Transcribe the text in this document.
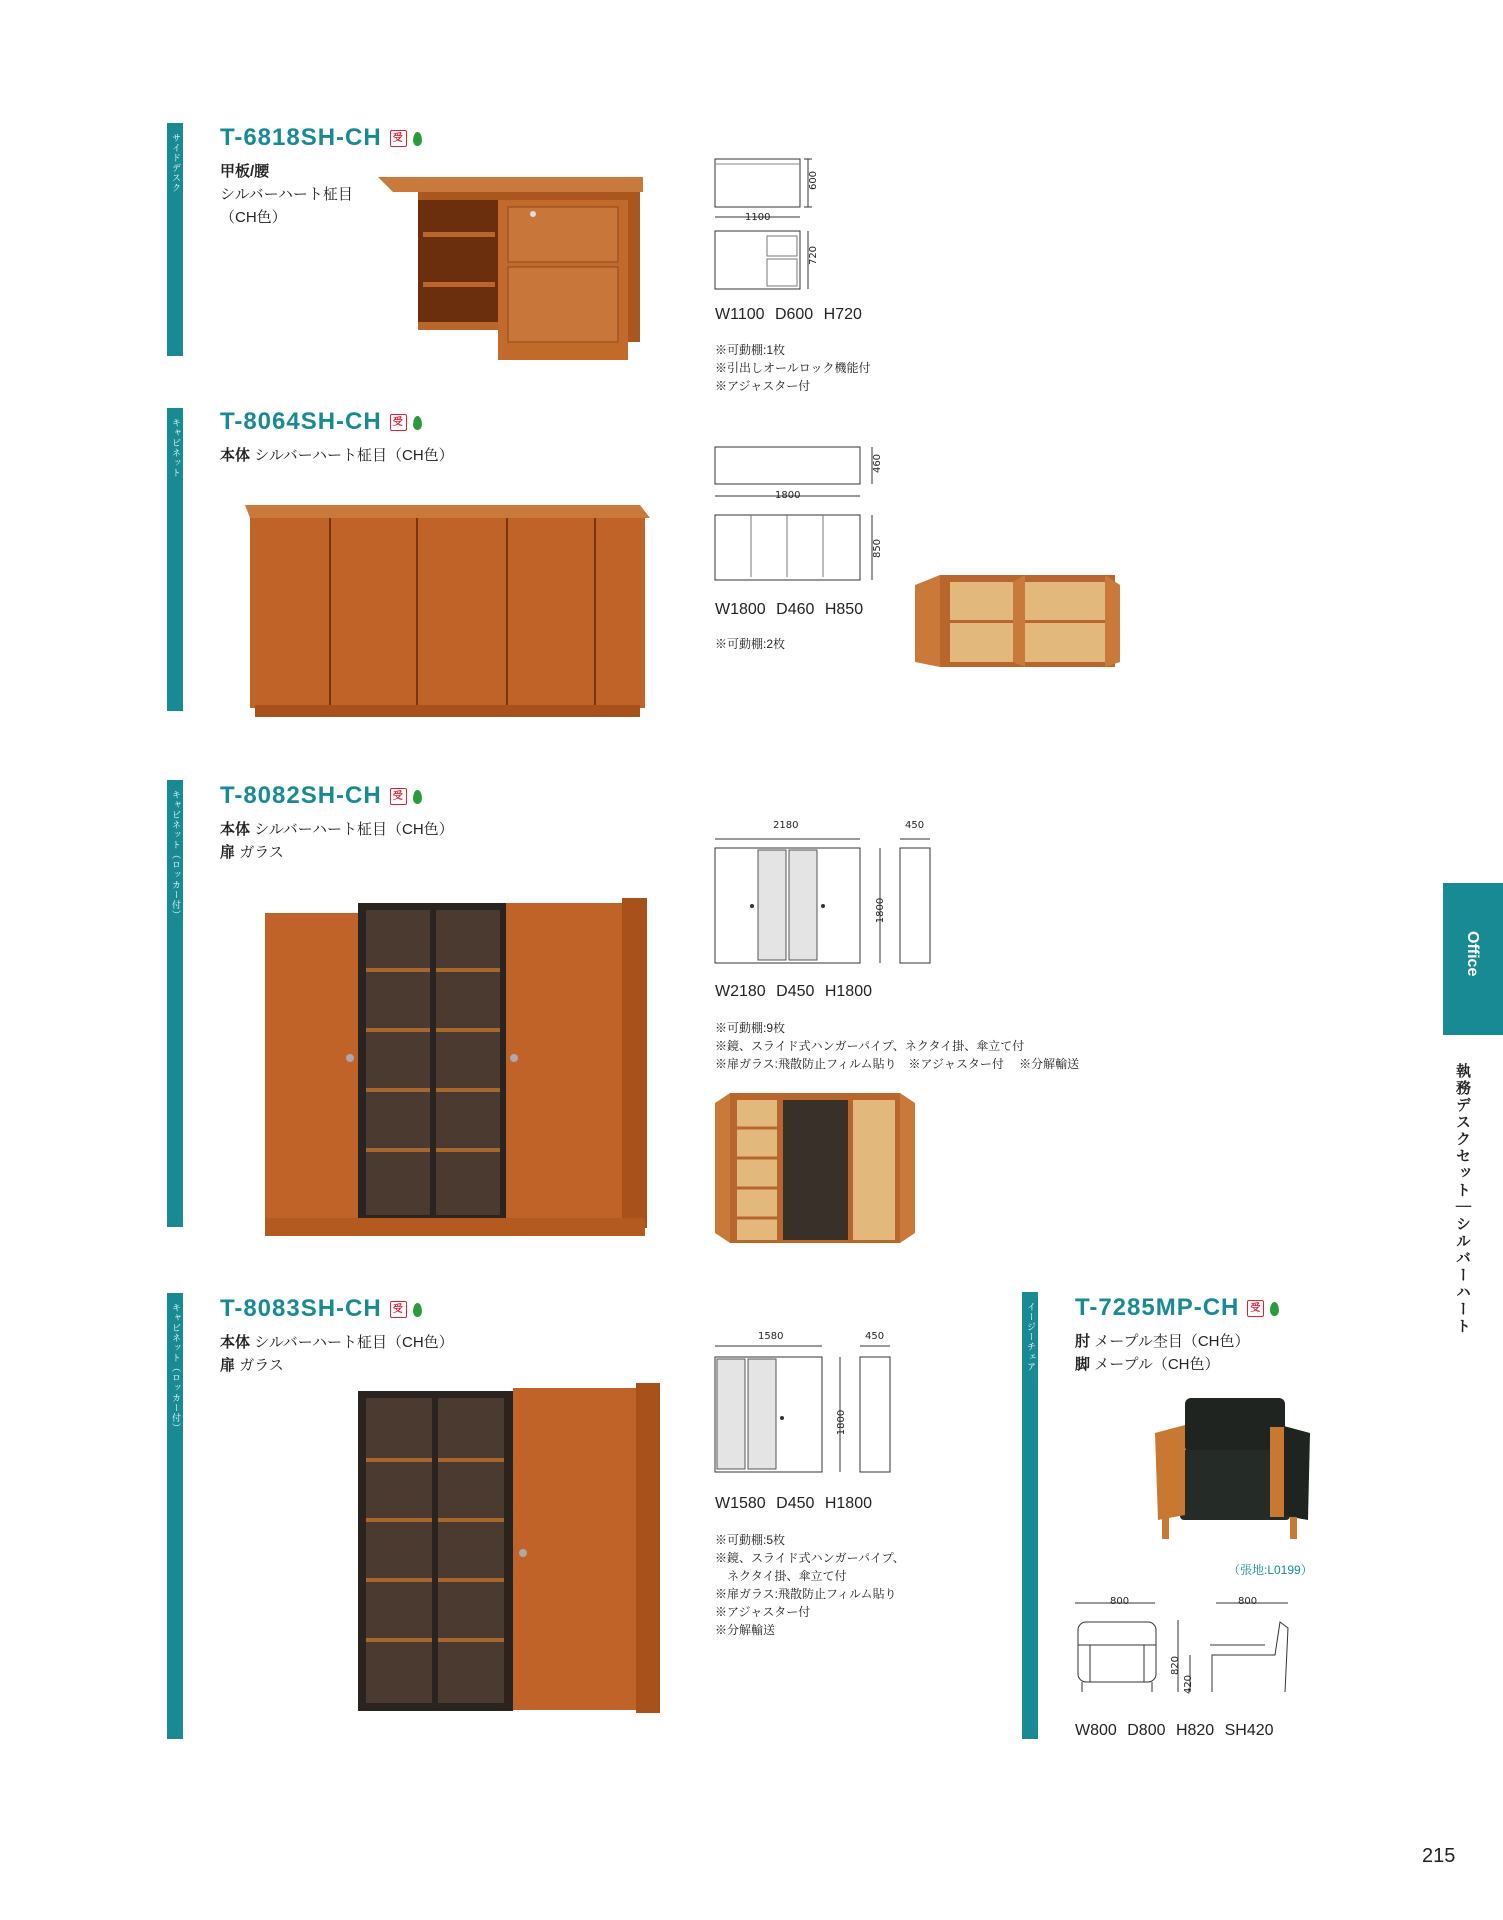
サイドデスク T-6818SH-CH 受
甲板/腰
シルバーハート柾目
（CH色）
600
1100
720
W1100 D600 H720
※可動棚:1枚
※引出しオールロック機能付
※アジャスター付
キャビネット T-8064SH-CH 受
本体 シルバーハート柾目（CH色）	460
1800
850
W1800 D460 H850
※可動棚:2枚
キャビネット（ロッカー付） T-8082SH-CH 受
本体 シルバーハート柾目（CH色）
扉 ガラス
2180	450
1800
W2180 D450 H1800
※可動棚:9枚
※鏡、スライド式ハンガーパイプ、ネクタイ掛、傘立て付
※扉ガラス:飛散防止フィルム貼り　※アジャスター付　 ※分解輸送
キャビネット（ロッカー付） T-8083SH-CH 受
本体 シルバーハート柾目（CH色）
扉 ガラス
1580	450
1800
W1580 D450 H1800
※可動棚:5枚
※鏡、スライド式ハンガーパイプ、
　ネクタイ掛、傘立て付
※扉ガラス:飛散防止フィルム貼り
※アジャスター付
※分解輸送
イージーチェア T-7285MP-CH 受
肘 メープル杢目（CH色）
脚 メープル（CH色）
（張地:L0199）
800	800
820
420
W800 D800 H820 SH420
Office
執務デスクセット｜シルバーハート
215
